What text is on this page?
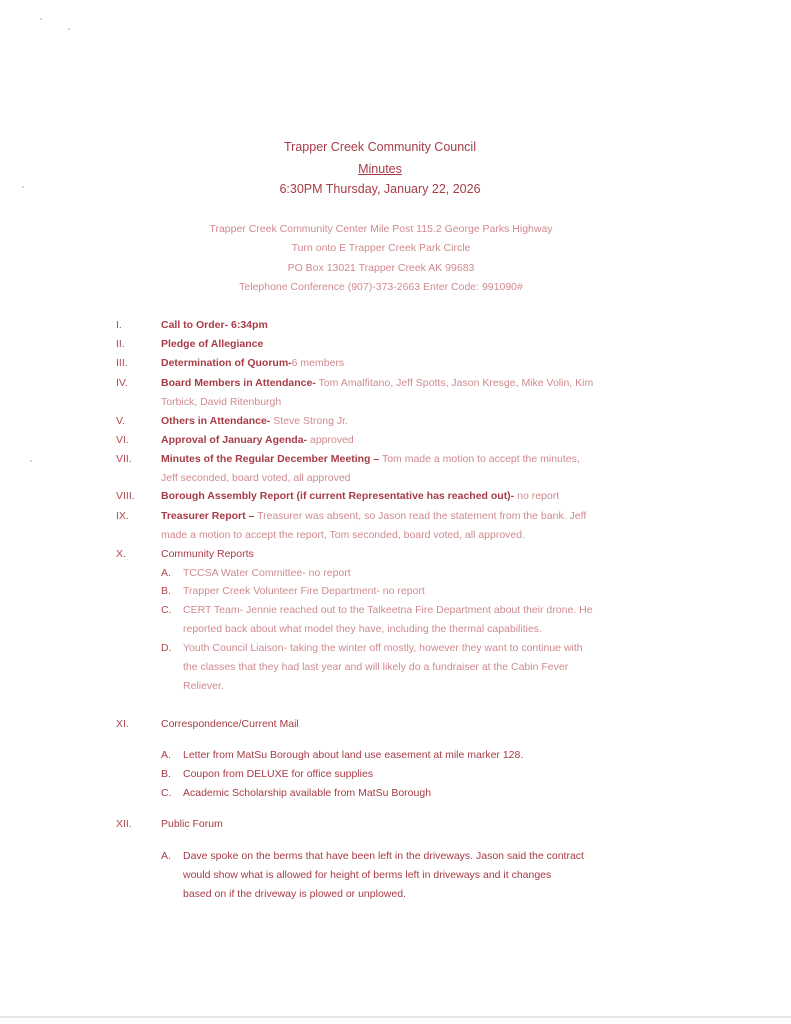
Trapper Creek Community Council
Minutes
6:30PM Thursday, January 22, 2026
Trapper Creek Community Center Mile Post 115.2 George Parks Highway
Turn onto E Trapper Creek Park Circle
PO Box 13021 Trapper Creek AK 99683
Telephone Conference (907)-373-2663 Enter Code: 991090#
I.	Call to Order- 6:34pm
II.	Pledge of Allegiance
III.	Determination of Quorum-6 members
IV.	Board Members in Attendance- Tom Amalfitano, Jeff Spotts, Jason Kresge, Mike Volin, Kim
Torbick, David Ritenburgh
V.	Others in Attendance- Steve Strong Jr.
VI.	Approval of January Agenda- approved
VII.	Minutes of the Regular December Meeting – Tom made a motion to accept the minutes,
Jeff seconded, board voted, all approved
VIII.	Borough Assembly Report (if current Representative has reached out)- no report
IX.	Treasurer Report – Treasurer was absent, so Jason read the statement from the bank. Jeff
made a motion to accept the report, Tom seconded, board voted, all approved.
X.	Community Reports
A.	TCCSA Water Committee- no report
B.	Trapper Creek Volunteer Fire Department- no report
C.	CERT Team- Jennie reached out to the Talkeetna Fire Department about their drone. He
reported back about what model they have, including the thermal capabilities.
D.	Youth Council Liaison- taking the winter off mostly, however they want to continue with
the classes that they had last year and will likely do a fundraiser at the Cabin Fever
Reliever.
XI.	Correspondence/Current Mail
A.	Letter from MatSu Borough about land use easement at mile marker 128.
B.	Coupon from DELUXE for office supplies
C.	Academic Scholarship available from MatSu Borough
XII.	Public Forum
A.	Dave spoke on the berms that have been left in the driveways. Jason said the contract
would show what is allowed for height of berms left in driveways and it changes
based on if the driveway is plowed or unplowed.
